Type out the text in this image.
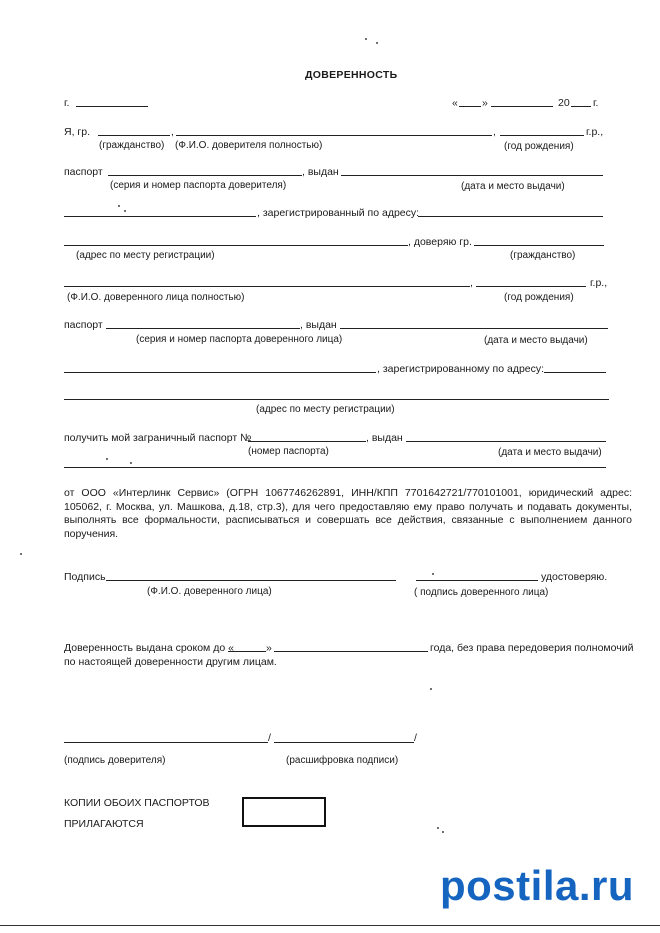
ДОВЕРЕННОСТЬ
г.	« »	20 г.
Я, гр.	,	,	г.р.,
(гражданство) (Ф.И.О. доверителя полностью)	(год рождения)
паспорт	, выдан
(серия и номер паспорта доверителя)	(дата и место выдачи)
, зарегистрированный по адресу:
, доверяю гр.
(адрес по месту регистрации)	(гражданство)
,	г.р.,
(Ф.И.О. доверенного лица полностью)	(год рождения)
паспорт	, выдан
(серия и номер паспорта доверенного лица)	(дата и место выдачи)
, зарегистрированному по адресу:
(адрес по месту регистрации)
получить мой заграничный паспорт №	, выдан
(номер паспорта)	(дата и место выдачи)
от ООО «Интерлинк Сервис» (ОГРН 1067746262891, ИНН/КПП 7701642721/770101001, юридический адрес: 105062, г. Москва, ул. Машкова, д.18, стр.3), для чего предоставляю ему право получать и подавать документы, выполнять все формальности, расписываться и совершать все действия, связанные с выполнением данного поручения.
Подпись	удостоверяю.
(Ф.И.О. доверенного лица)	( подпись доверенного лица)
Доверенность выдана сроком до «	»	года, без права передоверия полномочий
по настоящей доверенности другим лицам.
/	/
(подпись доверителя)	(расшифровка подписи)
КОПИИ ОБОИХ ПАСПОРТОВ
ПРИЛАГАЮТСЯ
postila.ru
